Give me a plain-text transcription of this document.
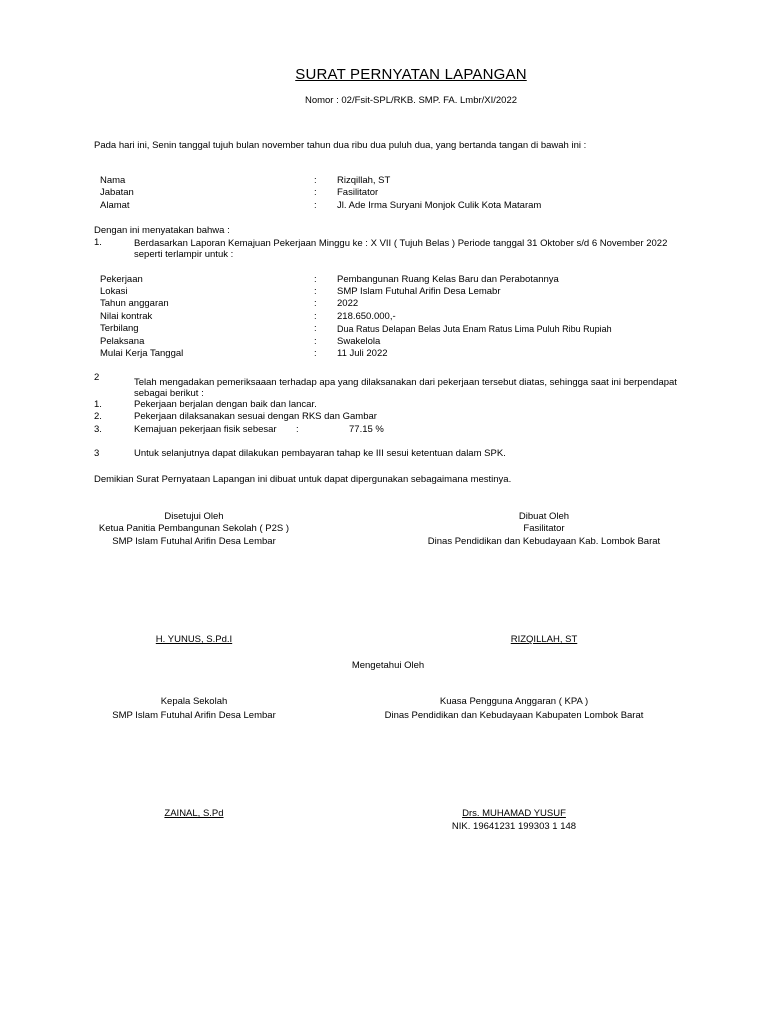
SURAT PERNYATAN LAPANGAN
Nomor : 02/Fsit-SPL/RKB. SMP. FA. Lmbr/XI/2022
Pada hari ini, Senin tanggal tujuh bulan november tahun dua ribu dua puluh dua, yang bertanda tangan di bawah ini :
Nama	: Rizqillah, ST
Jabatan	: Fasilitator
Alamat	: Jl. Ade Irma Suryani Monjok Culik Kota Mataram
Dengan ini menyatakan bahwa :
1.	Berdasarkan Laporan Kemajuan Pekerjaan Minggu ke : X VII ( Tujuh Belas ) Periode tanggal 31 Oktober s/d 6 November 2022
seperti terlampir untuk :
Pekerjaan	: Pembangunan Ruang Kelas Baru dan Perabotannya
Lokasi	: SMP Islam Futuhal Arifin Desa Lemabr
Tahun anggaran	: 2022
Nilai kontrak	: 218.650.000,-
Terbilang	: Dua Ratus Delapan Belas Juta Enam Ratus Lima Puluh Ribu Rupiah
Pelaksana	: Swakelola
Mulai Kerja Tanggal	: 11 Juli 2022
2	Telah mengadakan pemeriksaaan terhadap apa yang dilaksanakan dari pekerjaan tersebut diatas, sehingga saat ini berpendapat
sebagai berikut :
1.	Pekerjaan berjalan dengan baik dan lancar.
2.	Pekerjaan dilaksanakan sesuai dengan RKS dan Gambar
3.	Kemajuan pekerjaan fisik sebesar :	77.15 %
3	Untuk selanjutnya dapat dilakukan pembayaran tahap ke III sesui ketentuan dalam SPK.
Demikian Surat Pernyataan Lapangan ini dibuat untuk dapat dipergunakan sebagaimana mestinya.
Disetujui Oleh
Ketua Panitia Pembangunan Sekolah ( P2S )
SMP Islam Futuhal Arifin Desa Lembar
H. YUNUS, S.Pd.I
Dibuat Oleh
Fasilitator
Dinas Pendidikan dan Kebudayaan Kab. Lombok Barat
RIZQILLAH, ST
Mengetahui Oleh
Kepala Sekolah
SMP Islam Futuhal Arifin Desa Lembar
ZAINAL, S.Pd
Kuasa Pengguna Anggaran ( KPA )
Dinas Pendidikan dan Kebudayaan Kabupaten Lombok Barat
Drs. MUHAMAD YUSUF
NIK. 19641231 199303 1 148
